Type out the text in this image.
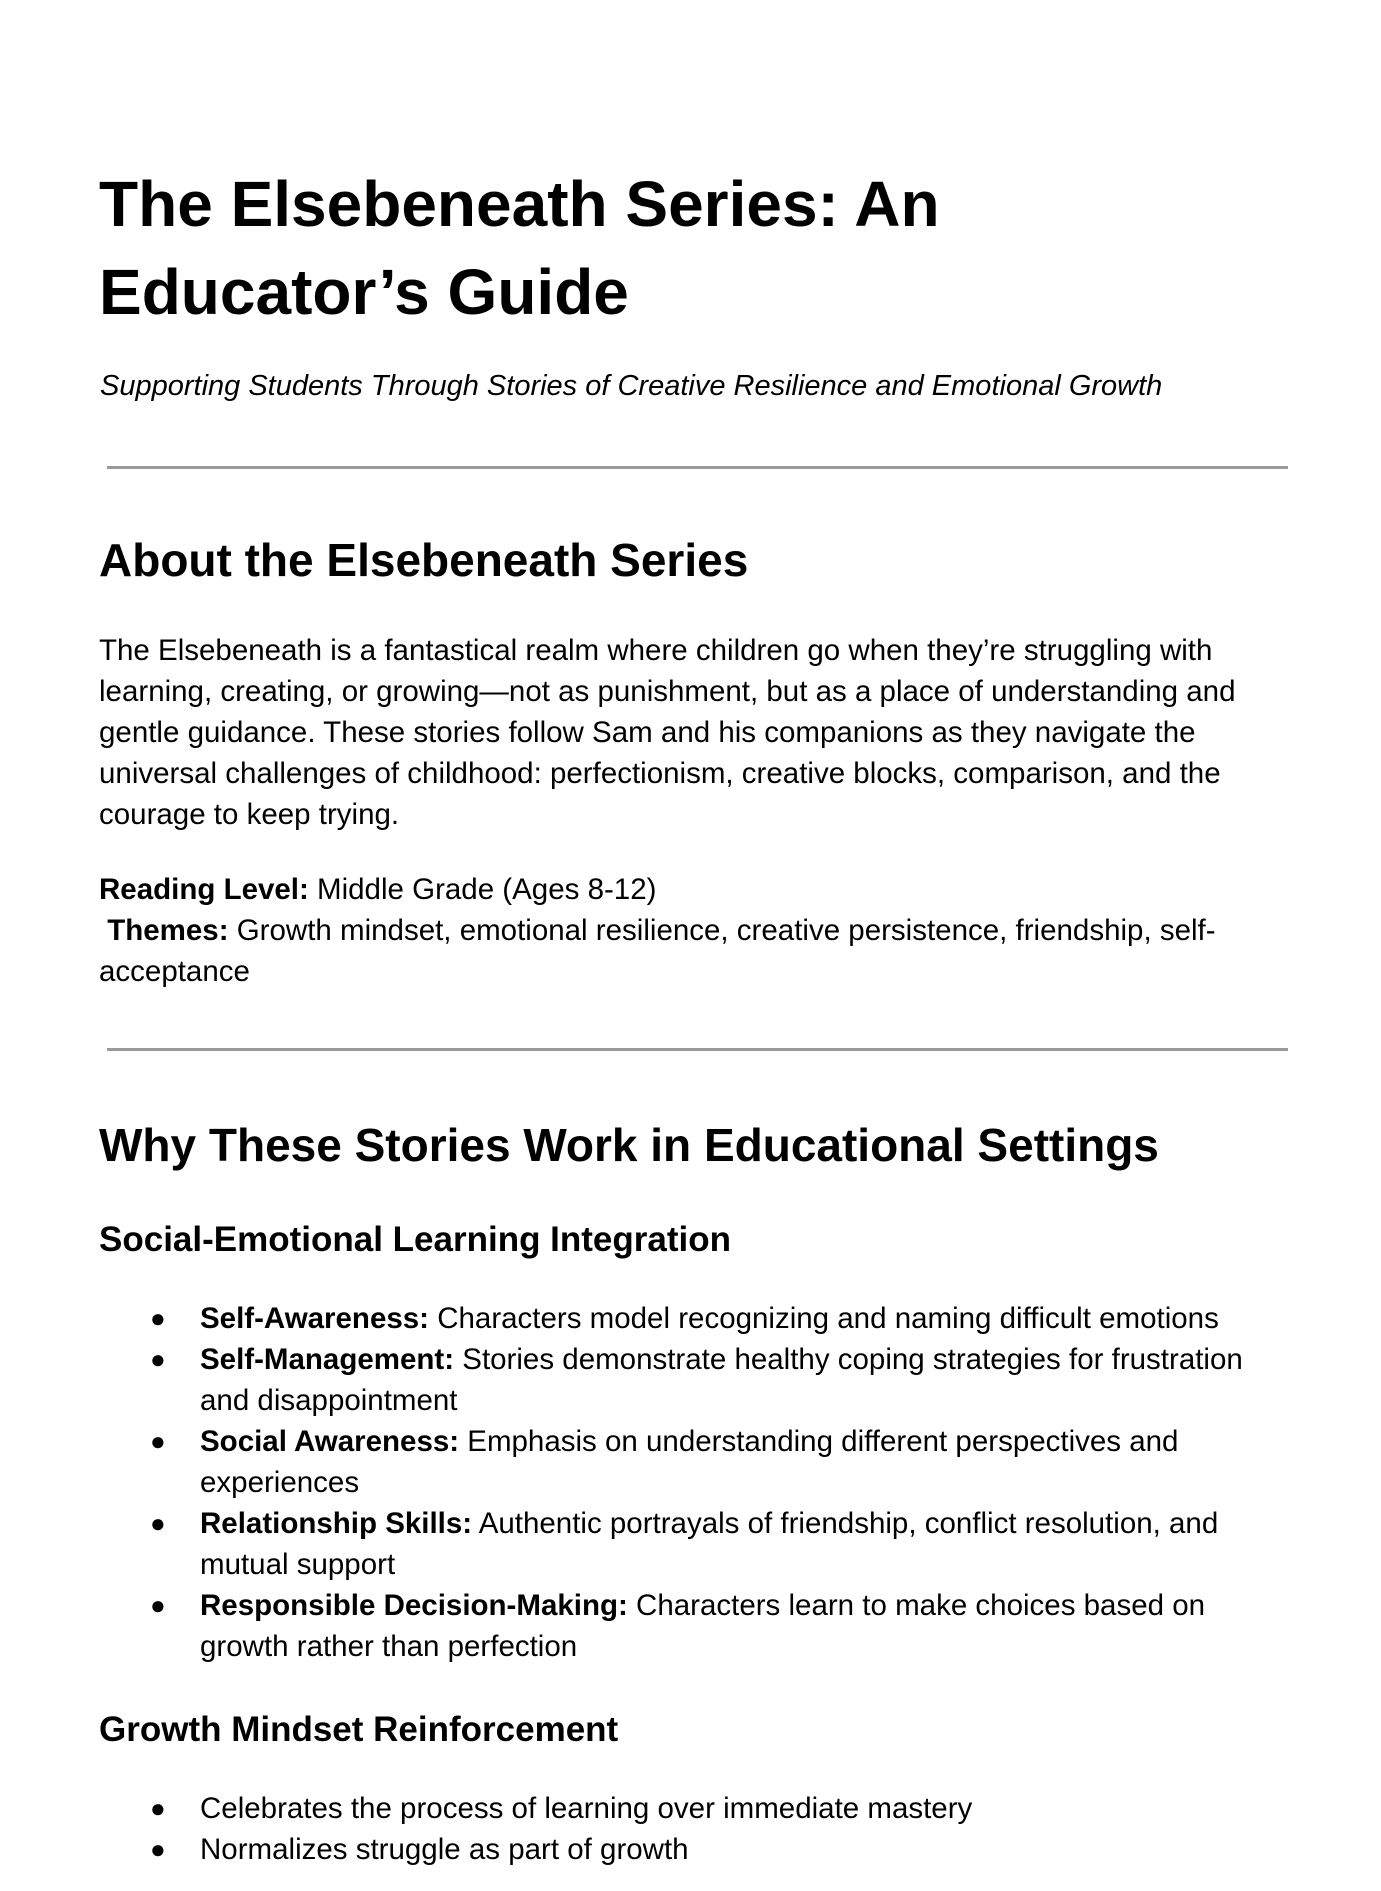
The Elsebeneath Series: An Educator’s Guide

Supporting Students Through Stories of Creative Resilience and Emotional Growth

About the Elsebeneath Series

The Elsebeneath is a fantastical realm where children go when they’re struggling with learning, creating, or growing—not as punishment, but as a place of understanding and gentle guidance. These stories follow Sam and his companions as they navigate the universal challenges of childhood: perfectionism, creative blocks, comparison, and the courage to keep trying.

Reading Level: Middle Grade (Ages 8-12)

Themes: Growth mindset, emotional resilience, creative persistence, friendship, self-acceptance

Why These Stories Work in Educational Settings
Social-Emotional Learning Integration
● Self-Awareness: Characters model recognizing and naming difficult emotions
● Self-Management: Stories demonstrate healthy coping strategies for frustration and disappointment
● Social Awareness: Emphasis on understanding different perspectives and experiences
● Relationship Skills: Authentic portrayals of friendship, conflict resolution, and mutual support
● Responsible Decision-Making: Characters learn to make choices based on growth rather than perfection
Growth Mindset Reinforcement
● Celebrates the process of learning over immediate mastery
● Normalizes struggle as part of growth
